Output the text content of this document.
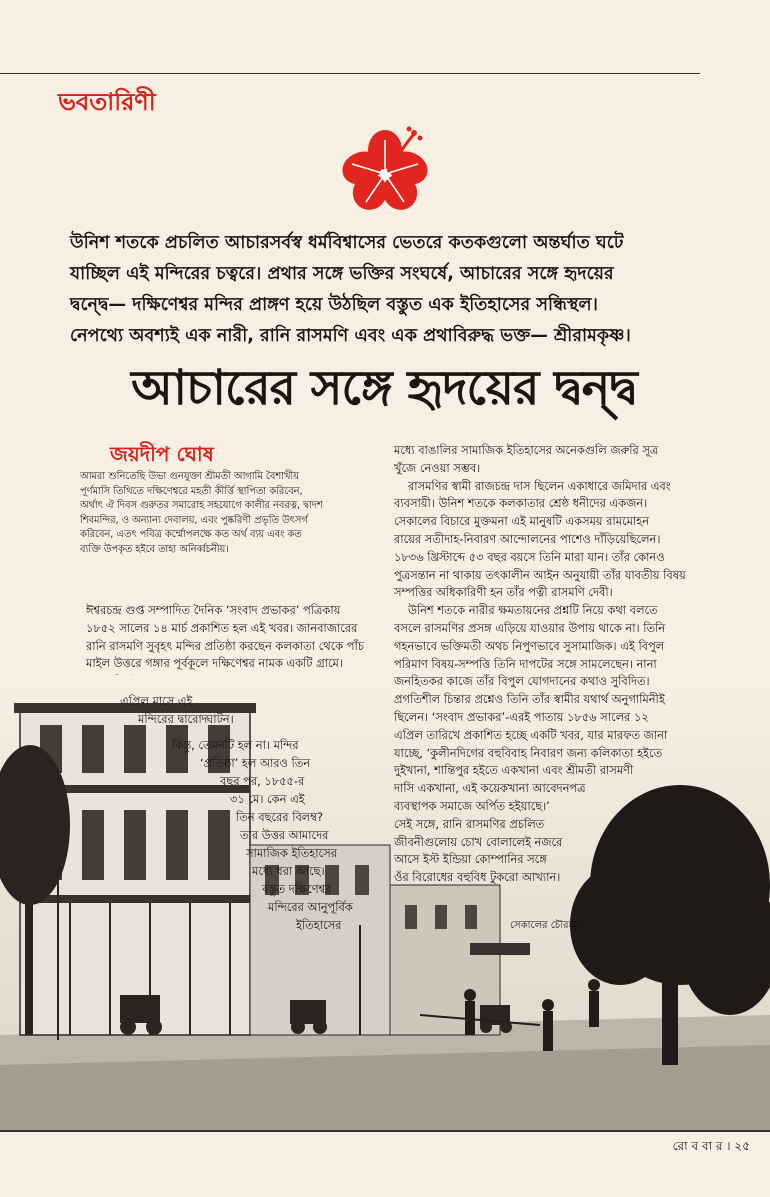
ভবতারিণী

উনিশ শতকে প্রচলিত আচারসর্বস্ব ধর্মবিশ্বাসের ভেতরে কতকগুলো অন্তর্ঘাত ঘটে

যাচ্ছিল এই মন্দিরের চত্বরে। প্রথার সঙ্গে ভক্তির সংঘর্ষে, আচারের সঙ্গে হৃদয়ের

দ্বন্দ্বে— দক্ষিণেশ্বর মন্দির প্রাঙ্গণ হয়ে উঠছিল বস্তুত এক ইতিহাসের সন্ধিস্থল।

নেপথ্যে অবশ্যই এক নারী, রানি রাসমণি এবং এক প্রথাবিরুদ্ধ ভক্ত— শ্রীরামকৃষ্ণ।

আচারের সঙ্গে হৃদয়ের দ্বন্দ্ব
জয়দীপ ঘোষ
আমরা শুনিতেছি উভা গুনযুক্তা শ্রীমতী আগামি বৈশাখীয়
পূর্ণমাসি তিথিতে দক্ষিণেশ্বরে মহতী কীর্ত্তি স্থাপিতা করিবেন,
অর্থাৎ ঐ দিবস গুরুতর সমারোহ সহযোগে কালীর নবরত্ন, দ্বাদশ
শিবমন্দির, ও অন্যান্য দেবালয়, এবং পুষ্করিণী প্রভৃতি উৎসর্গ
করিবেন, এতৎ পবিত্র কর্ম্মোপলক্ষে কত অর্থ ব্যয় এবং কত
ব্যক্তি উপকৃত হইবে তাহা অনির্ব্বচনীয়।

ঈশ্বরচন্দ্র গুপ্ত সম্পাদিত দৈনিক ‘সংবাদ প্রভাকর’ পত্রিকায়

১৮৫২ সালের ১৪ মার্চ প্রকাশিত হল এই খবর। জানবাজারের

রানি রাসমণি সুবৃহৎ মন্দির প্রতিষ্ঠা করছেন কলকাতা থেকে পাঁচ

মাইল উত্তরে গঙ্গার পূর্বকূলে দক্ষিণেশ্বর নামক একটি গ্রামে।

এপ্রিল মাসে এই
মন্দিরের দ্বারোদ্ঘাটন।
কিন্তু, তেমনটি হল না। মন্দির
‘প্রতিষ্ঠা’ হল আরও তিন
বছর পর, ১৮৫৫-র
৩১ মে। কেন এই
তিন বছরের বিলম্ব?
তার উত্তর আমাদের
সামাজিক ইতিহাসের
মধ্যে ধরা আছে।
বস্তুত দক্ষিণেশ্বর
মন্দিরের আনুপূর্বিক
ইতিহাসের

মধ্যে বাঙালির সামাজিক ইতিহাসের অনেকগুলি জরুরি সূত্র

খুঁজে নেওয়া সম্ভব।

রাসমণির স্বামী রাজচন্দ্র দাস ছিলেন একাধারে জমিদার এবং

ব্যবসায়ী। উনিশ শতকে কলকাতার শ্রেষ্ঠ ধনীদের একজন।

সেকালের বিচারে মুক্তমনা এই মানুষটি একসময় রামমোহন

রায়ের সতীদাহ-নিবারণ আন্দোলনের পাশেও দাঁড়িয়েছিলেন।

১৮৩৬ খ্রিস্টাব্দে ৫৩ বছর বয়সে তিনি মারা যান। তাঁর কোনও

পুত্রসন্তান না থাকায় তৎকালীন আইন অনুযায়ী তাঁর যাবতীয় বিষয়

সম্পত্তির অধিকারিণী হন তাঁর পত্নী রাসমণি দেবী।

উনিশ শতকে নারীর ক্ষমতায়নের প্রশ্নটি নিয়ে কথা বলতে

বসলে রাসমণির প্রসঙ্গ এড়িয়ে যাওয়ার উপায় থাকে না। তিনি

গহনভাবে ভক্তিমতী অথচ নিপুণভাবে সুসামাজিক। এই বিপুল

পরিমাণ বিষয়-সম্পত্তি তিনি দাপটের সঙ্গে সামলেছেন। নানা

জনহিতকর কাজে তাঁর বিপুল যোগদানের কথাও সুবিদিত।

প্রগতিশীল চিন্তার প্রশ্নেও তিনি তাঁর স্বামীর যথার্থ অনুগামিনীই

ছিলেন। ‘সংবাদ প্রভাকর’-এরই পাতায় ১৮৫৬ সালের ১২

এপ্রিল তারিখে প্রকাশিত হচ্ছে একটি খবর, যার মারফত জানা

যাচ্ছে, ‘কুলীনদিগের বহুবিবাহ নিবারণ জন্য কলিকাতা হইতে

দুইখানা, শান্তিপুর হইতে একখানা এবং শ্রীমতী রাসমণী

দাসি একখানা, এই কয়েকখানা আবেদনপত্র

ব্যবস্থাপক সমাজে অর্পিত হইয়াছে।’

সেই সঙ্গে, রানি রাসমণির প্রচলিত

জীবনীগুলোয় চোখ বোলালেই নজরে

আসে ইস্ট ইন্ডিয়া কোম্পানির সঙ্গে

ওঁর বিরোধের বহুবিধ টুকরো আখ্যান।

সেকালের চৌরঙ্গী
রো ব বা র । ২৫
